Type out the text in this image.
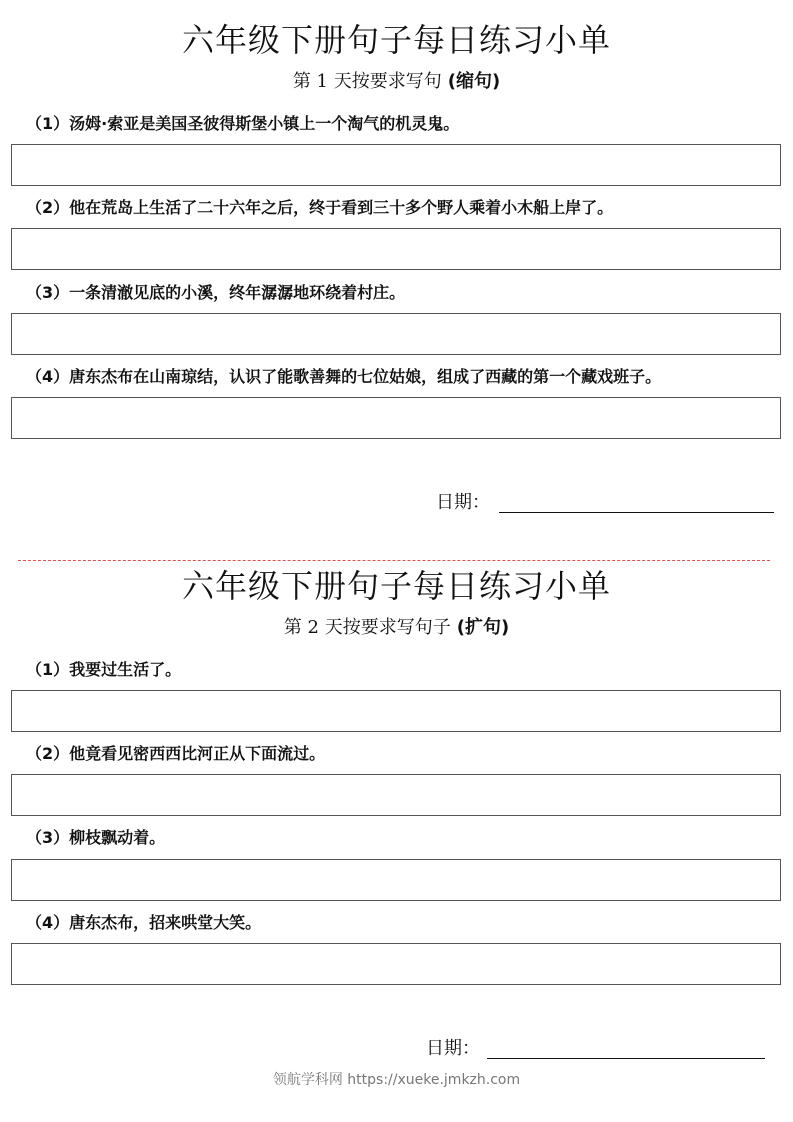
六年级下册句子每日练习小单
第 1 天按要求写句 (缩句)
（1）汤姆·索亚是美国圣彼得斯堡小镇上一个淘气的机灵鬼。
（2）他在荒岛上生活了二十六年之后，终于看到三十多个野人乘着小木船上岸了。
（3）一条清澈见底的小溪，终年潺潺地环绕着村庄。
（4）唐东杰布在山南琼结，认识了能歌善舞的七位姑娘，组成了西藏的第一个藏戏班子。
日期：
六年级下册句子每日练习小单
第 2 天按要求写句子 (扩句)
（1）我要过生活了。
（2）他竟看见密西西比河正从下面流过。
（3）柳枝飘动着。
（4）唐东杰布，招来哄堂大笑。
日期：
领航学科网 https://xueke.jmkzh.com
